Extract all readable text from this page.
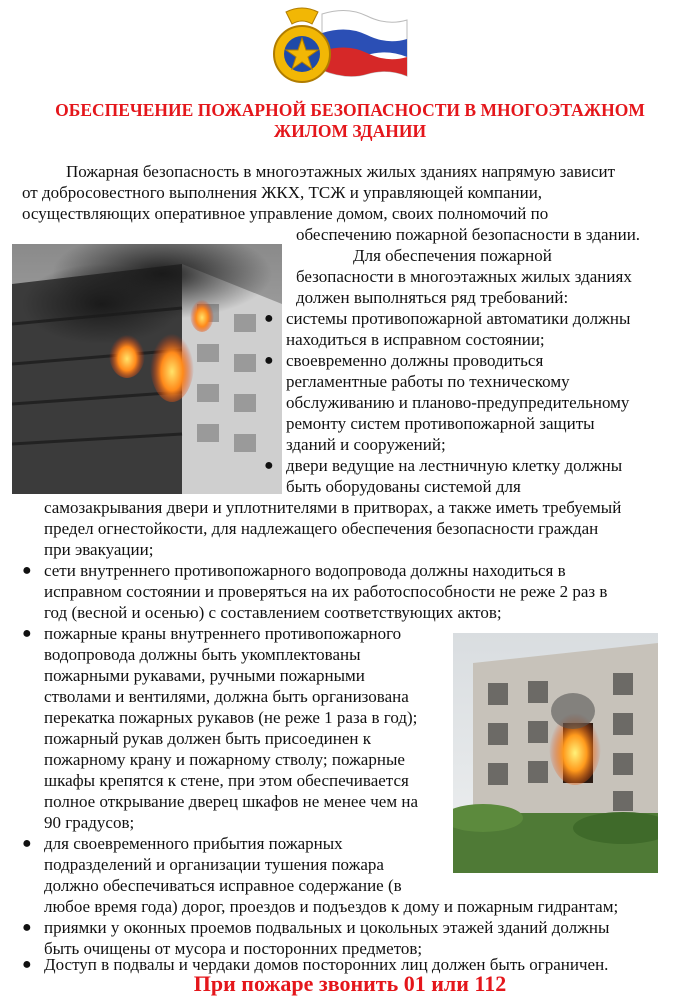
ОБЕСПЕЧЕНИЕ ПОЖАРНОЙ БЕЗОПАСНОСТИ В МНОГОЭТАЖНОМ
ЖИЛОМ ЗДАНИИ
Пожарная безопасность в многоэтажных жилых зданиях напрямую зависит
от добросовестного выполнения ЖКХ, ТСЖ и управляющей компании,
осуществляющих оперативное управление домом, своих полномочий по
обеспечению пожарной безопасности в здании.
Для обеспечения пожарной
безопасности в многоэтажных жилых зданиях
должен выполняться ряд требований:
● системы противопожарной автоматики должны
находиться в исправном состоянии;
● своевременно должны проводиться
регламентные работы по техническому
обслуживанию и планово-предупредительному
ремонту систем противопожарной защиты
зданий и сооружений;
● двери ведущие на лестничную клетку должны
быть оборудованы системой для
самозакрывания двери и уплотнителями в притворах, а также иметь требуемый
предел огнестойкости, для надлежащего обеспечения безопасности граждан
при эвакуации;
● сети внутреннего противопожарного водопровода должны находиться в
исправном состоянии и проверяться на их работоспособности не реже 2 раз в
год (весной и осенью) с составлением соответствующих актов;
● пожарные краны внутреннего противопожарного
водопровода должны быть укомплектованы
пожарными рукавами, ручными пожарными
стволами и вентилями, должна быть организована
перекатка пожарных рукавов (не реже 1 раза в год);
пожарный рукав должен быть присоединен к
пожарному крану и пожарному стволу; пожарные
шкафы крепятся к стене, при этом обеспечивается
полное открывание дверец шкафов не менее чем на
90 градусов;
● для своевременного прибытия пожарных
подразделений и организации тушения пожара
должно обеспечиваться исправное содержание (в
любое время года) дорог, проездов и подъездов к дому и пожарным гидрантам;
● приямки у оконных проемов подвальных и цокольных этажей зданий должны
быть очищены от мусора и посторонних предметов;
● Доступ в подвалы и чердаки домов посторонних лиц должен быть ограничен.
При пожаре звонить 01 или 112
